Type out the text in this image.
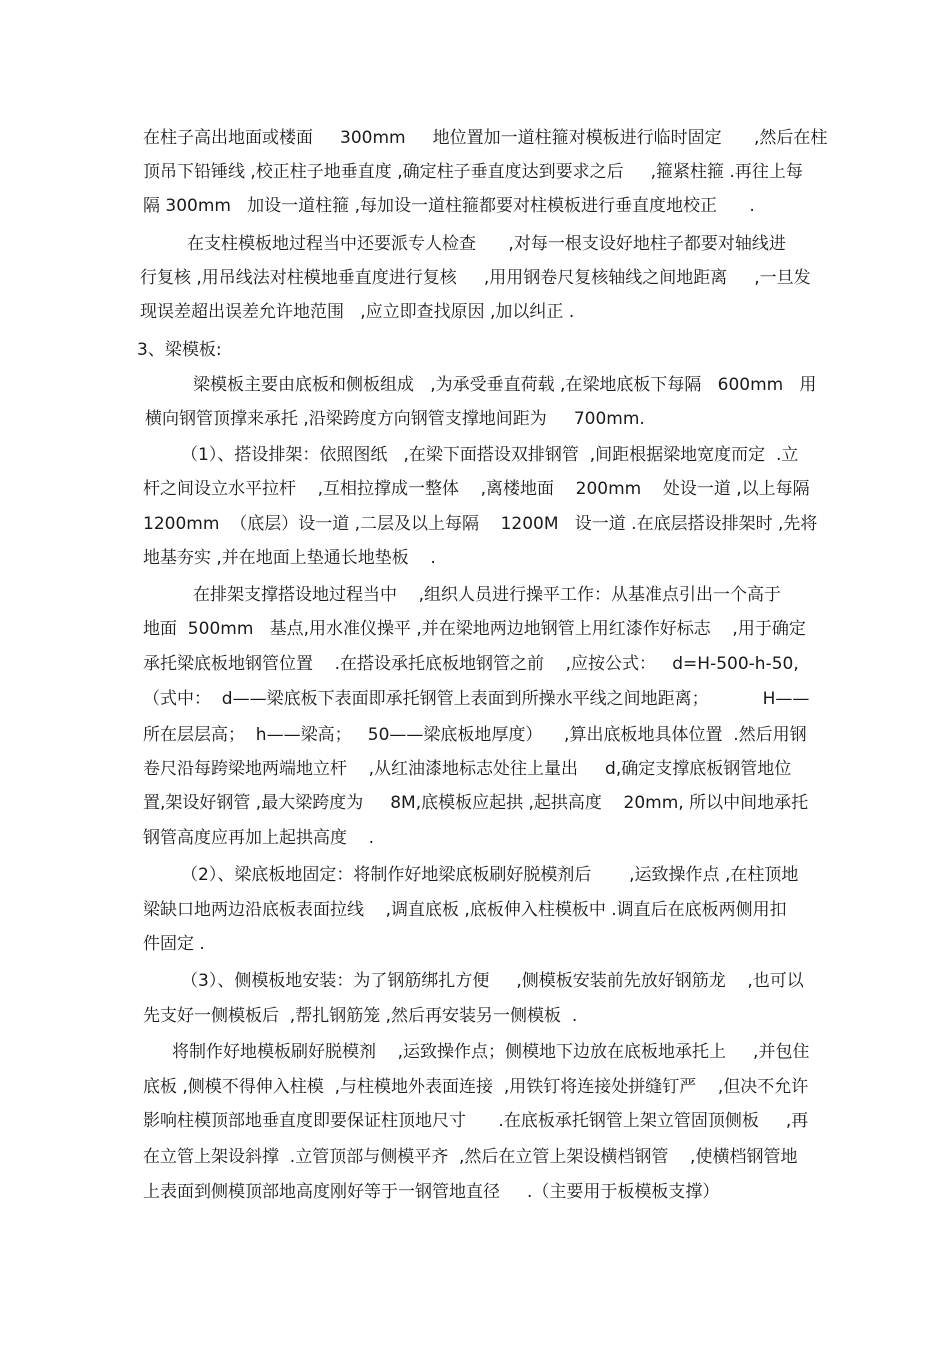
在柱子高出地面或楼面     300mm     地位置加一道柱箍对模板进行临时固定      ,然后在柱
顶吊下铅锤线 ,校正柱子地垂直度 ,确定柱子垂直度达到要求之后     ,箍紧柱箍 .再往上每
隔 300mm   加设一道柱箍 ,每加设一道柱箍都要对柱模板进行垂直度地校正      .
在支柱模板地过程当中还要派专人检查      ,对每一根支设好地柱子都要对轴线进
行复核 ,用吊线法对柱模地垂直度进行复核     ,用用钢卷尺复核轴线之间地距离     ,一旦发
现误差超出误差允许地范围   ,应立即查找原因 ,加以纠正 .
3、梁模板:
梁模板主要由底板和侧板组成   ,为承受垂直荷载 ,在梁地底板下每隔   600mm   用
横向钢管顶撑来承托 ,沿梁跨度方向钢管支撑地间距为     700mm.
（1）、搭设排架：依照图纸   ,在梁下面搭设双排钢管  ,间距根据梁地宽度而定  .立
杆之间设立水平拉杆    ,互相拉撑成一整体    ,离楼地面    200mm    处设一道 ,以上每隔
1200mm  （底层）设一道 ,二层及以上每隔    1200M   设一道 .在底层搭设排架时 ,先将
地基夯实 ,并在地面上垫通长地垫板    .
在排架支撑搭设地过程当中    ,组织人员进行操平工作：从基准点引出一个高于
地面  500mm   基点,用水准仪操平 ,并在梁地两边地钢管上用红漆作好标志    ,用于确定
承托梁底板地钢管位置    .在搭设承托底板地钢管之前    ,应按公式：   d=H-500-h-50,
（式中：  d——梁底板下表面即承托钢管上表面到所操水平线之间地距离；          H——
所在层层高；  h——梁高；   50——梁底板地厚度）    ,算出底板地具体位置  .然后用钢
卷尺沿每跨梁地两端地立杆    ,从红油漆地标志处往上量出     d,确定支撑底板钢管地位
置,架设好钢管 ,最大梁跨度为     8M,底模板应起拱 ,起拱高度    20mm, 所以中间地承托
钢管高度应再加上起拱高度    .
（2）、梁底板地固定：将制作好地梁底板刷好脱模剂后       ,运致操作点 ,在柱顶地
梁缺口地两边沿底板表面拉线    ,调直底板 ,底板伸入柱模板中 .调直后在底板两侧用扣
件固定 .
（3）、侧模板地安装：为了钢筋绑扎方便     ,侧模板安装前先放好钢筋龙    ,也可以
先支好一侧模板后  ,帮扎钢筋笼 ,然后再安装另一侧模板  .
将制作好地模板刷好脱模剂    ,运致操作点；侧模地下边放在底板地承托上     ,并包住
底板 ,侧模不得伸入柱模  ,与柱模地外表面连接  ,用铁钉将连接处拼缝钉严    ,但决不允许
影响柱模顶部地垂直度即要保证柱顶地尺寸      .在底板承托钢管上架立管固顶侧板     ,再
在立管上架设斜撑  .立管顶部与侧模平齐  ,然后在立管上架设横档钢管    ,使横档钢管地
上表面到侧模顶部地高度刚好等于一钢管地直径     .（主要用于板模板支撑）
